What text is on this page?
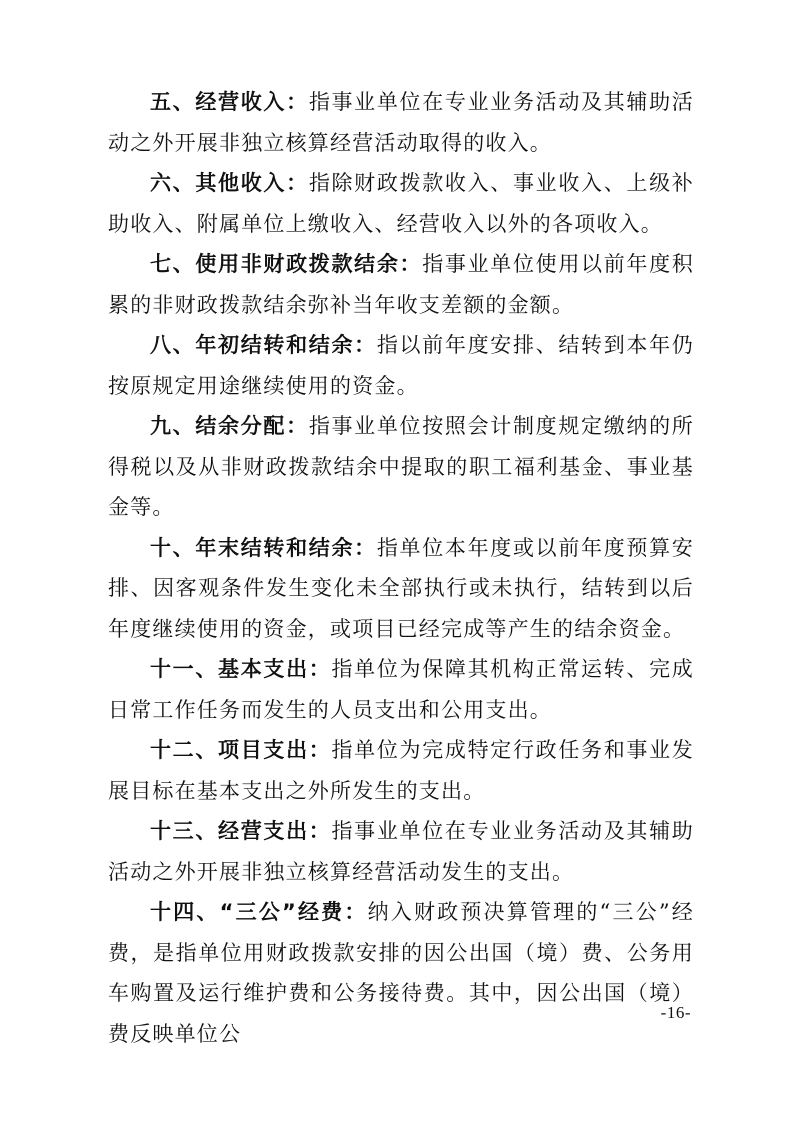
五、经营收入：指事业单位在专业业务活动及其辅助活动之外开展非独立核算经营活动取得的收入。

六、其他收入：指除财政拨款收入、事业收入、上级补助收入、附属单位上缴收入、经营收入以外的各项收入。

七、使用非财政拨款结余：指事业单位使用以前年度积累的非财政拨款结余弥补当年收支差额的金额。

八、年初结转和结余：指以前年度安排、结转到本年仍按原规定用途继续使用的资金。

九、结余分配：指事业单位按照会计制度规定缴纳的所得税以及从非财政拨款结余中提取的职工福利基金、事业基金等。

十、年末结转和结余：指单位本年度或以前年度预算安排、因客观条件发生变化未全部执行或未执行，结转到以后年度继续使用的资金，或项目已经完成等产生的结余资金。

十一、基本支出：指单位为保障其机构正常运转、完成日常工作任务而发生的人员支出和公用支出。

十二、项目支出：指单位为完成特定行政任务和事业发展目标在基本支出之外所发生的支出。

十三、经营支出：指事业单位在专业业务活动及其辅助活动之外开展非独立核算经营活动发生的支出。

十四、“三公”经费：纳入财政预决算管理的“三公”经费，是指单位用财政拨款安排的因公出国（境）费、公务用车购置及运行维护费和公务接待费。其中，因公出国（境）费反映单位公

-16-
